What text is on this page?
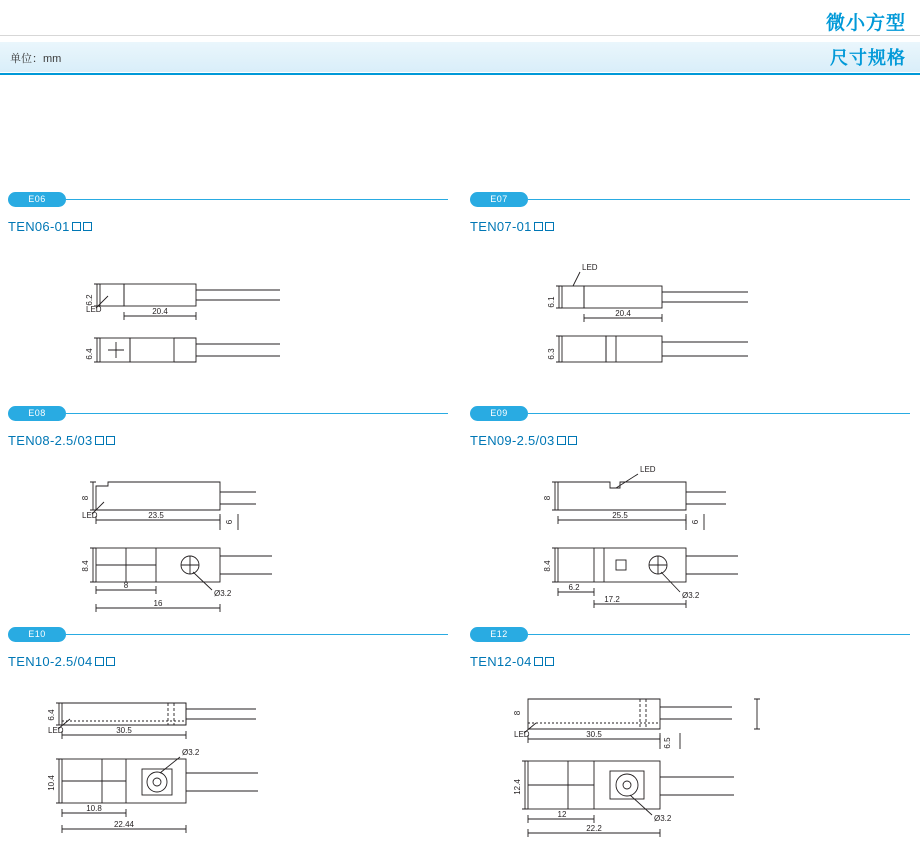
微小方型
单位：mm	尺寸规格
E06
TEN06-01
6.2
20.4
6.4
LED
E07
TEN07-01
6.1
20.4
6.3
LED
E08
TEN08-2.5/03
8
23.5
6
8.4
8
16
Ø3.2
LED
E09
TEN09-2.5/03
8
25.5
6
8.4
6.2
17.2	Ø3.2
LED
E10
TEN10-2.5/04
6.4
30.5
10.4
10.8
22.44
Ø3.2
LED
E12
TEN12-04
8
30.5
6.5
12.4
12
22.2
Ø3.2
LED
